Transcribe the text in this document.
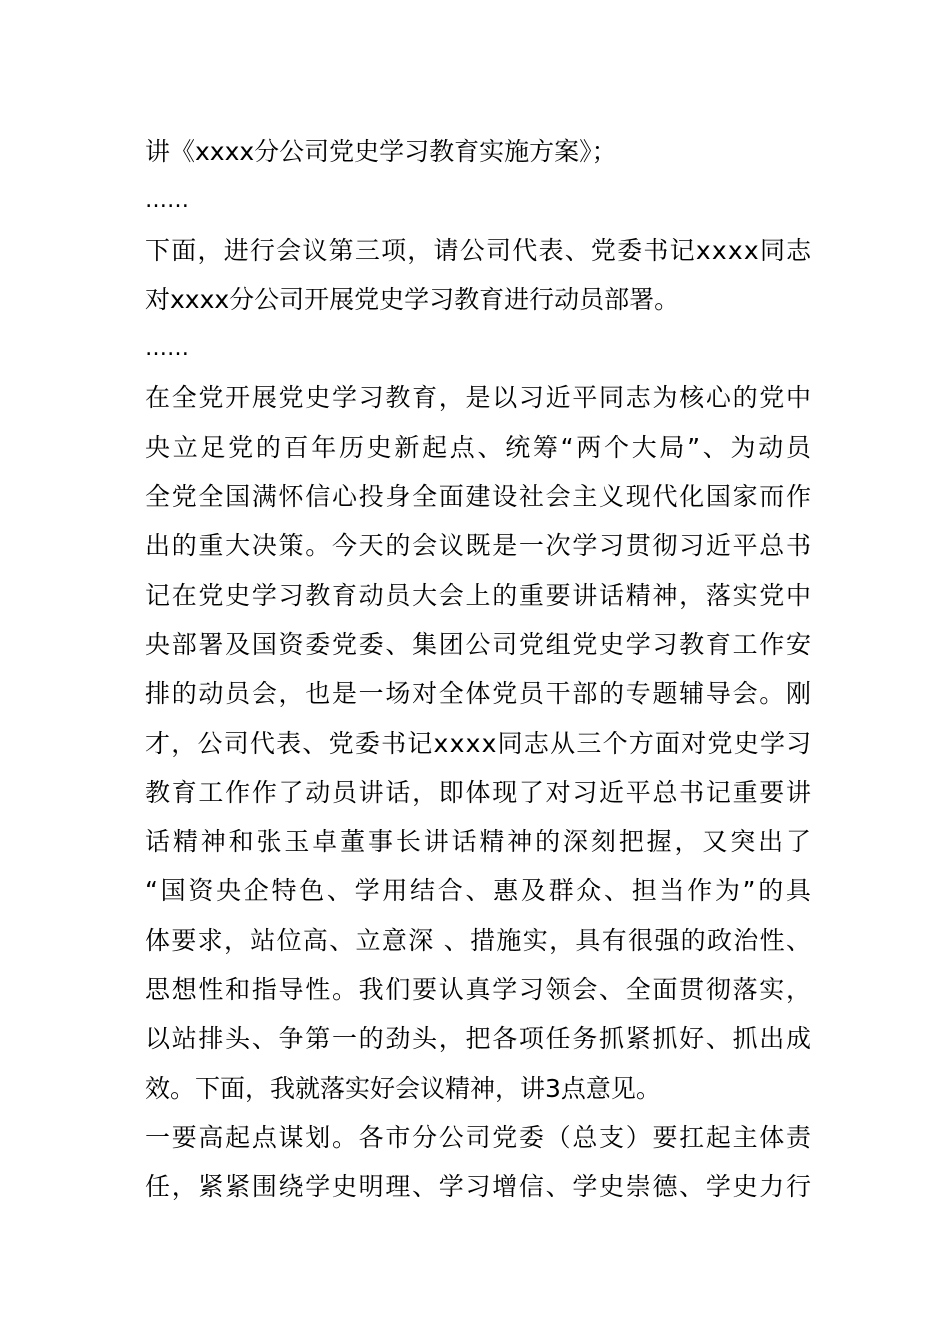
讲《xxxx分公司党史学习教育实施方案》；
……
下面，进行会议第三项，请公司代表、党委书记xxxx同志
对xxxx分公司开展党史学习教育进行动员部署。
……
在全党开展党史学习教育，是以习近平同志为核心的党中
央立足党的百年历史新起点、统筹“两个大局”、为动员
全党全国满怀信心投身全面建设社会主义现代化国家而作
出的重大决策。今天的会议既是一次学习贯彻习近平总书
记在党史学习教育动员大会上的重要讲话精神，落实党中
央部署及国资委党委、集团公司党组党史学习教育工作安
排的动员会，也是一场对全体党员干部的专题辅导会。刚
才，公司代表、党委书记xxxx同志从三个方面对党史学习
教育工作作了动员讲话，即体现了对习近平总书记重要讲
话精神和张玉卓董事长讲话精神的深刻把握，又突出了
“国资央企特色、学用结合、惠及群众、担当作为”的具
体要求，站位高、立意深 、措施实，具有很强的政治性、
思想性和指导性。我们要认真学习领会、全面贯彻落实，
以站排头、争第一的劲头，把各项任务抓紧抓好、抓出成
效。下面，我就落实好会议精神，讲3点意见。
一要高起点谋划。各市分公司党委（总支）要扛起主体责
任，紧紧围绕学史明理、学习增信、学史崇德、学史力行
